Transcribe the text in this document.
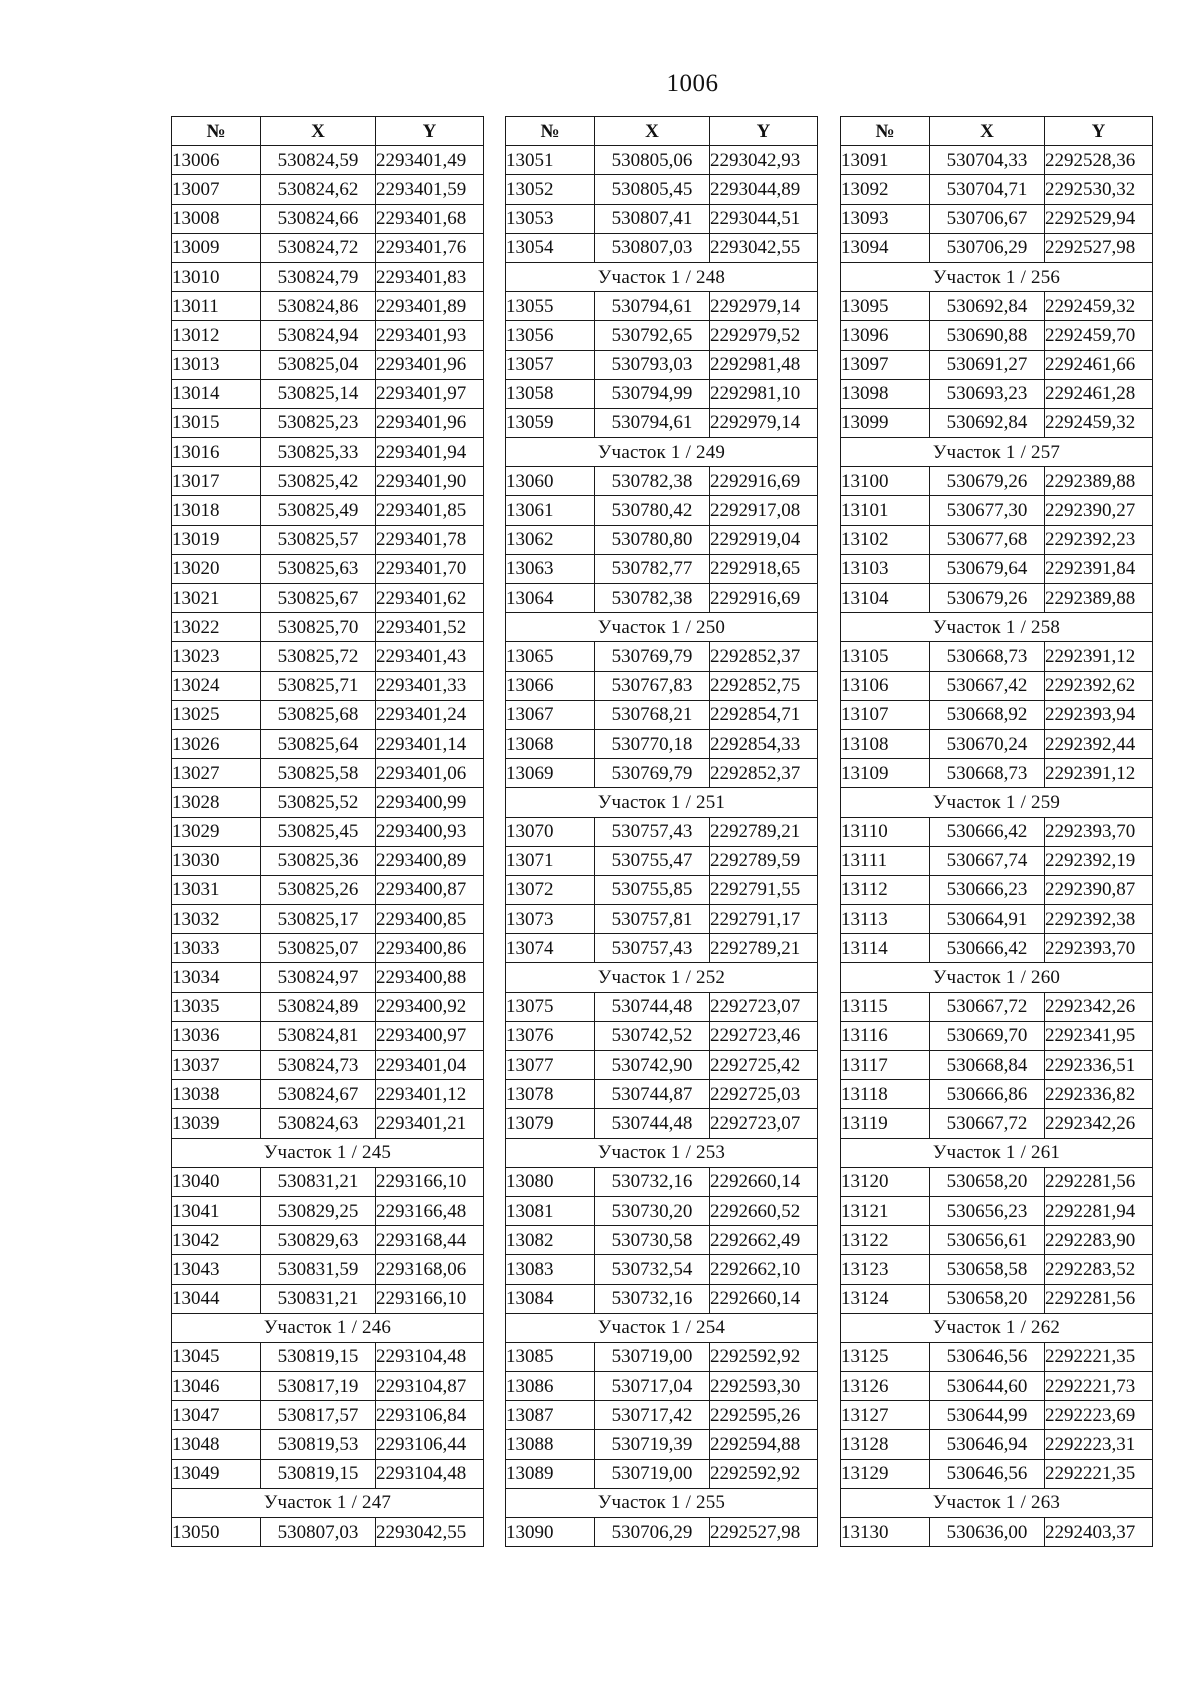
1006
№	X	Y
13006	530824,59	2293401,49
13007	530824,62	2293401,59
13008	530824,66	2293401,68
13009	530824,72	2293401,76
13010	530824,79	2293401,83
13011	530824,86	2293401,89
13012	530824,94	2293401,93
13013	530825,04	2293401,96
13014	530825,14	2293401,97
13015	530825,23	2293401,96
13016	530825,33	2293401,94
13017	530825,42	2293401,90
13018	530825,49	2293401,85
13019	530825,57	2293401,78
13020	530825,63	2293401,70
13021	530825,67	2293401,62
13022	530825,70	2293401,52
13023	530825,72	2293401,43
13024	530825,71	2293401,33
13025	530825,68	2293401,24
13026	530825,64	2293401,14
13027	530825,58	2293401,06
13028	530825,52	2293400,99
13029	530825,45	2293400,93
13030	530825,36	2293400,89
13031	530825,26	2293400,87
13032	530825,17	2293400,85
13033	530825,07	2293400,86
13034	530824,97	2293400,88
13035	530824,89	2293400,92
13036	530824,81	2293400,97
13037	530824,73	2293401,04
13038	530824,67	2293401,12
13039	530824,63	2293401,21
Участок 1 / 245		
13040	530831,21	2293166,10
13041	530829,25	2293166,48
13042	530829,63	2293168,44
13043	530831,59	2293168,06
13044	530831,21	2293166,10
Участок 1 / 246		
13045	530819,15	2293104,48
13046	530817,19	2293104,87
13047	530817,57	2293106,84
13048	530819,53	2293106,44
13049	530819,15	2293104,48
Участок 1 / 247		
13050	530807,03	2293042,55
№	X	Y
13051	530805,06	2293042,93
13052	530805,45	2293044,89
13053	530807,41	2293044,51
13054	530807,03	2293042,55
Участок 1 / 248		
13055	530794,61	2292979,14
13056	530792,65	2292979,52
13057	530793,03	2292981,48
13058	530794,99	2292981,10
13059	530794,61	2292979,14
Участок 1 / 249		
13060	530782,38	2292916,69
13061	530780,42	2292917,08
13062	530780,80	2292919,04
13063	530782,77	2292918,65
13064	530782,38	2292916,69
Участок 1 / 250		
13065	530769,79	2292852,37
13066	530767,83	2292852,75
13067	530768,21	2292854,71
13068	530770,18	2292854,33
13069	530769,79	2292852,37
Участок 1 / 251		
13070	530757,43	2292789,21
13071	530755,47	2292789,59
13072	530755,85	2292791,55
13073	530757,81	2292791,17
13074	530757,43	2292789,21
Участок 1 / 252		
13075	530744,48	2292723,07
13076	530742,52	2292723,46
13077	530742,90	2292725,42
13078	530744,87	2292725,03
13079	530744,48	2292723,07
Участок 1 / 253		
13080	530732,16	2292660,14
13081	530730,20	2292660,52
13082	530730,58	2292662,49
13083	530732,54	2292662,10
13084	530732,16	2292660,14
Участок 1 / 254		
13085	530719,00	2292592,92
13086	530717,04	2292593,30
13087	530717,42	2292595,26
13088	530719,39	2292594,88
13089	530719,00	2292592,92
Участок 1 / 255		
13090	530706,29	2292527,98
№	X	Y
13091	530704,33	2292528,36
13092	530704,71	2292530,32
13093	530706,67	2292529,94
13094	530706,29	2292527,98
Участок 1 / 256		
13095	530692,84	2292459,32
13096	530690,88	2292459,70
13097	530691,27	2292461,66
13098	530693,23	2292461,28
13099	530692,84	2292459,32
Участок 1 / 257		
13100	530679,26	2292389,88
13101	530677,30	2292390,27
13102	530677,68	2292392,23
13103	530679,64	2292391,84
13104	530679,26	2292389,88
Участок 1 / 258		
13105	530668,73	2292391,12
13106	530667,42	2292392,62
13107	530668,92	2292393,94
13108	530670,24	2292392,44
13109	530668,73	2292391,12
Участок 1 / 259		
13110	530666,42	2292393,70
13111	530667,74	2292392,19
13112	530666,23	2292390,87
13113	530664,91	2292392,38
13114	530666,42	2292393,70
Участок 1 / 260		
13115	530667,72	2292342,26
13116	530669,70	2292341,95
13117	530668,84	2292336,51
13118	530666,86	2292336,82
13119	530667,72	2292342,26
Участок 1 / 261		
13120	530658,20	2292281,56
13121	530656,23	2292281,94
13122	530656,61	2292283,90
13123	530658,58	2292283,52
13124	530658,20	2292281,56
Участок 1 / 262		
13125	530646,56	2292221,35
13126	530644,60	2292221,73
13127	530644,99	2292223,69
13128	530646,94	2292223,31
13129	530646,56	2292221,35
Участок 1 / 263		
13130	530636,00	2292403,37
